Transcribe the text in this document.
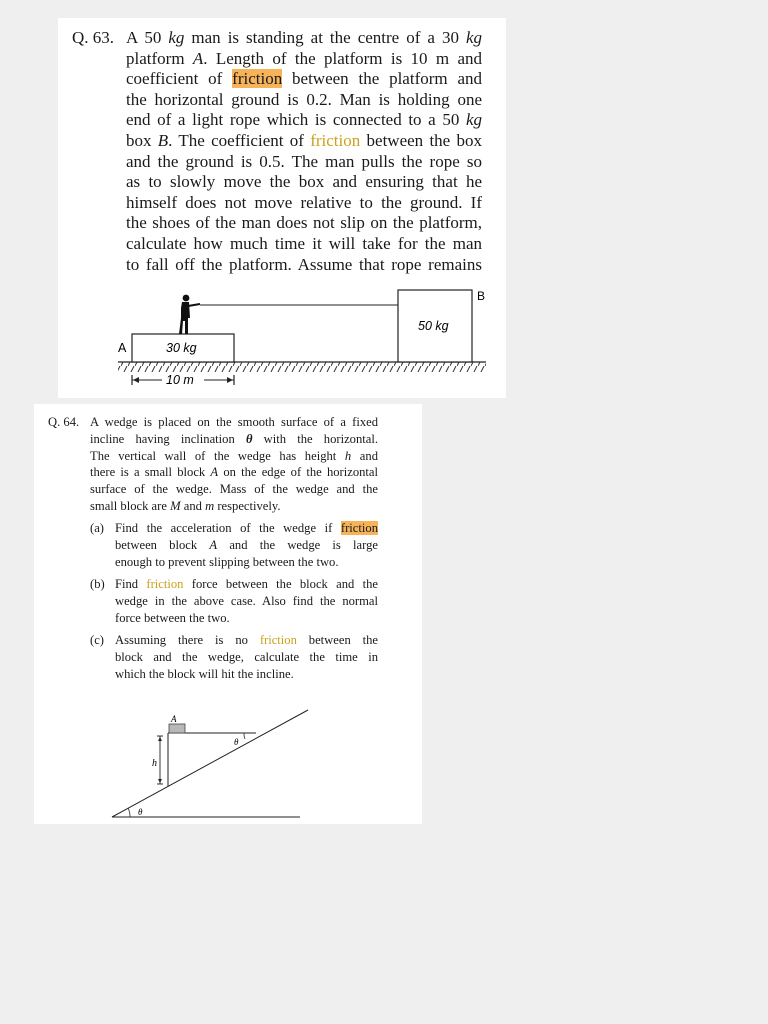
Q. 63. A 50 kg man is standing at the centre of a 30 kg
platform A. Length of the platform is 10 m and
coefficient of friction between the platform and
the horizontal ground is 0.2. Man is holding one
end of a light rope which is connected to a 50 kg
box B. The coefficient of friction between the box
and the ground is 0.5. The man pulls the rope so
as to slowly move the box and ensuring that he
himself does not move relative to the ground. If
the shoes of the man does not slip on the platform,
calculate how much time it will take for the man
to fall off the platform. Assume that rope remains
30 kg
A
50 kg
B
10 m
Q. 64. A wedge is placed on the smooth surface of a fixed
incline having inclination θ with the horizontal.
The vertical wall of the wedge has height h and
there is a small block A on the edge of the horizontal
surface of the wedge. Mass of the wedge and the
small block are M and m respectively.
(a) Find the acceleration of the wedge if friction
between block A and the wedge is large
enough to prevent slipping between the two.
(b) Find friction force between the block and the
wedge in the above case. Also find the normal
force between the two.
(c) Assuming there is no friction between the
block and the wedge, calculate the time in
which the block will hit the incline.
A
h
θ
θ
